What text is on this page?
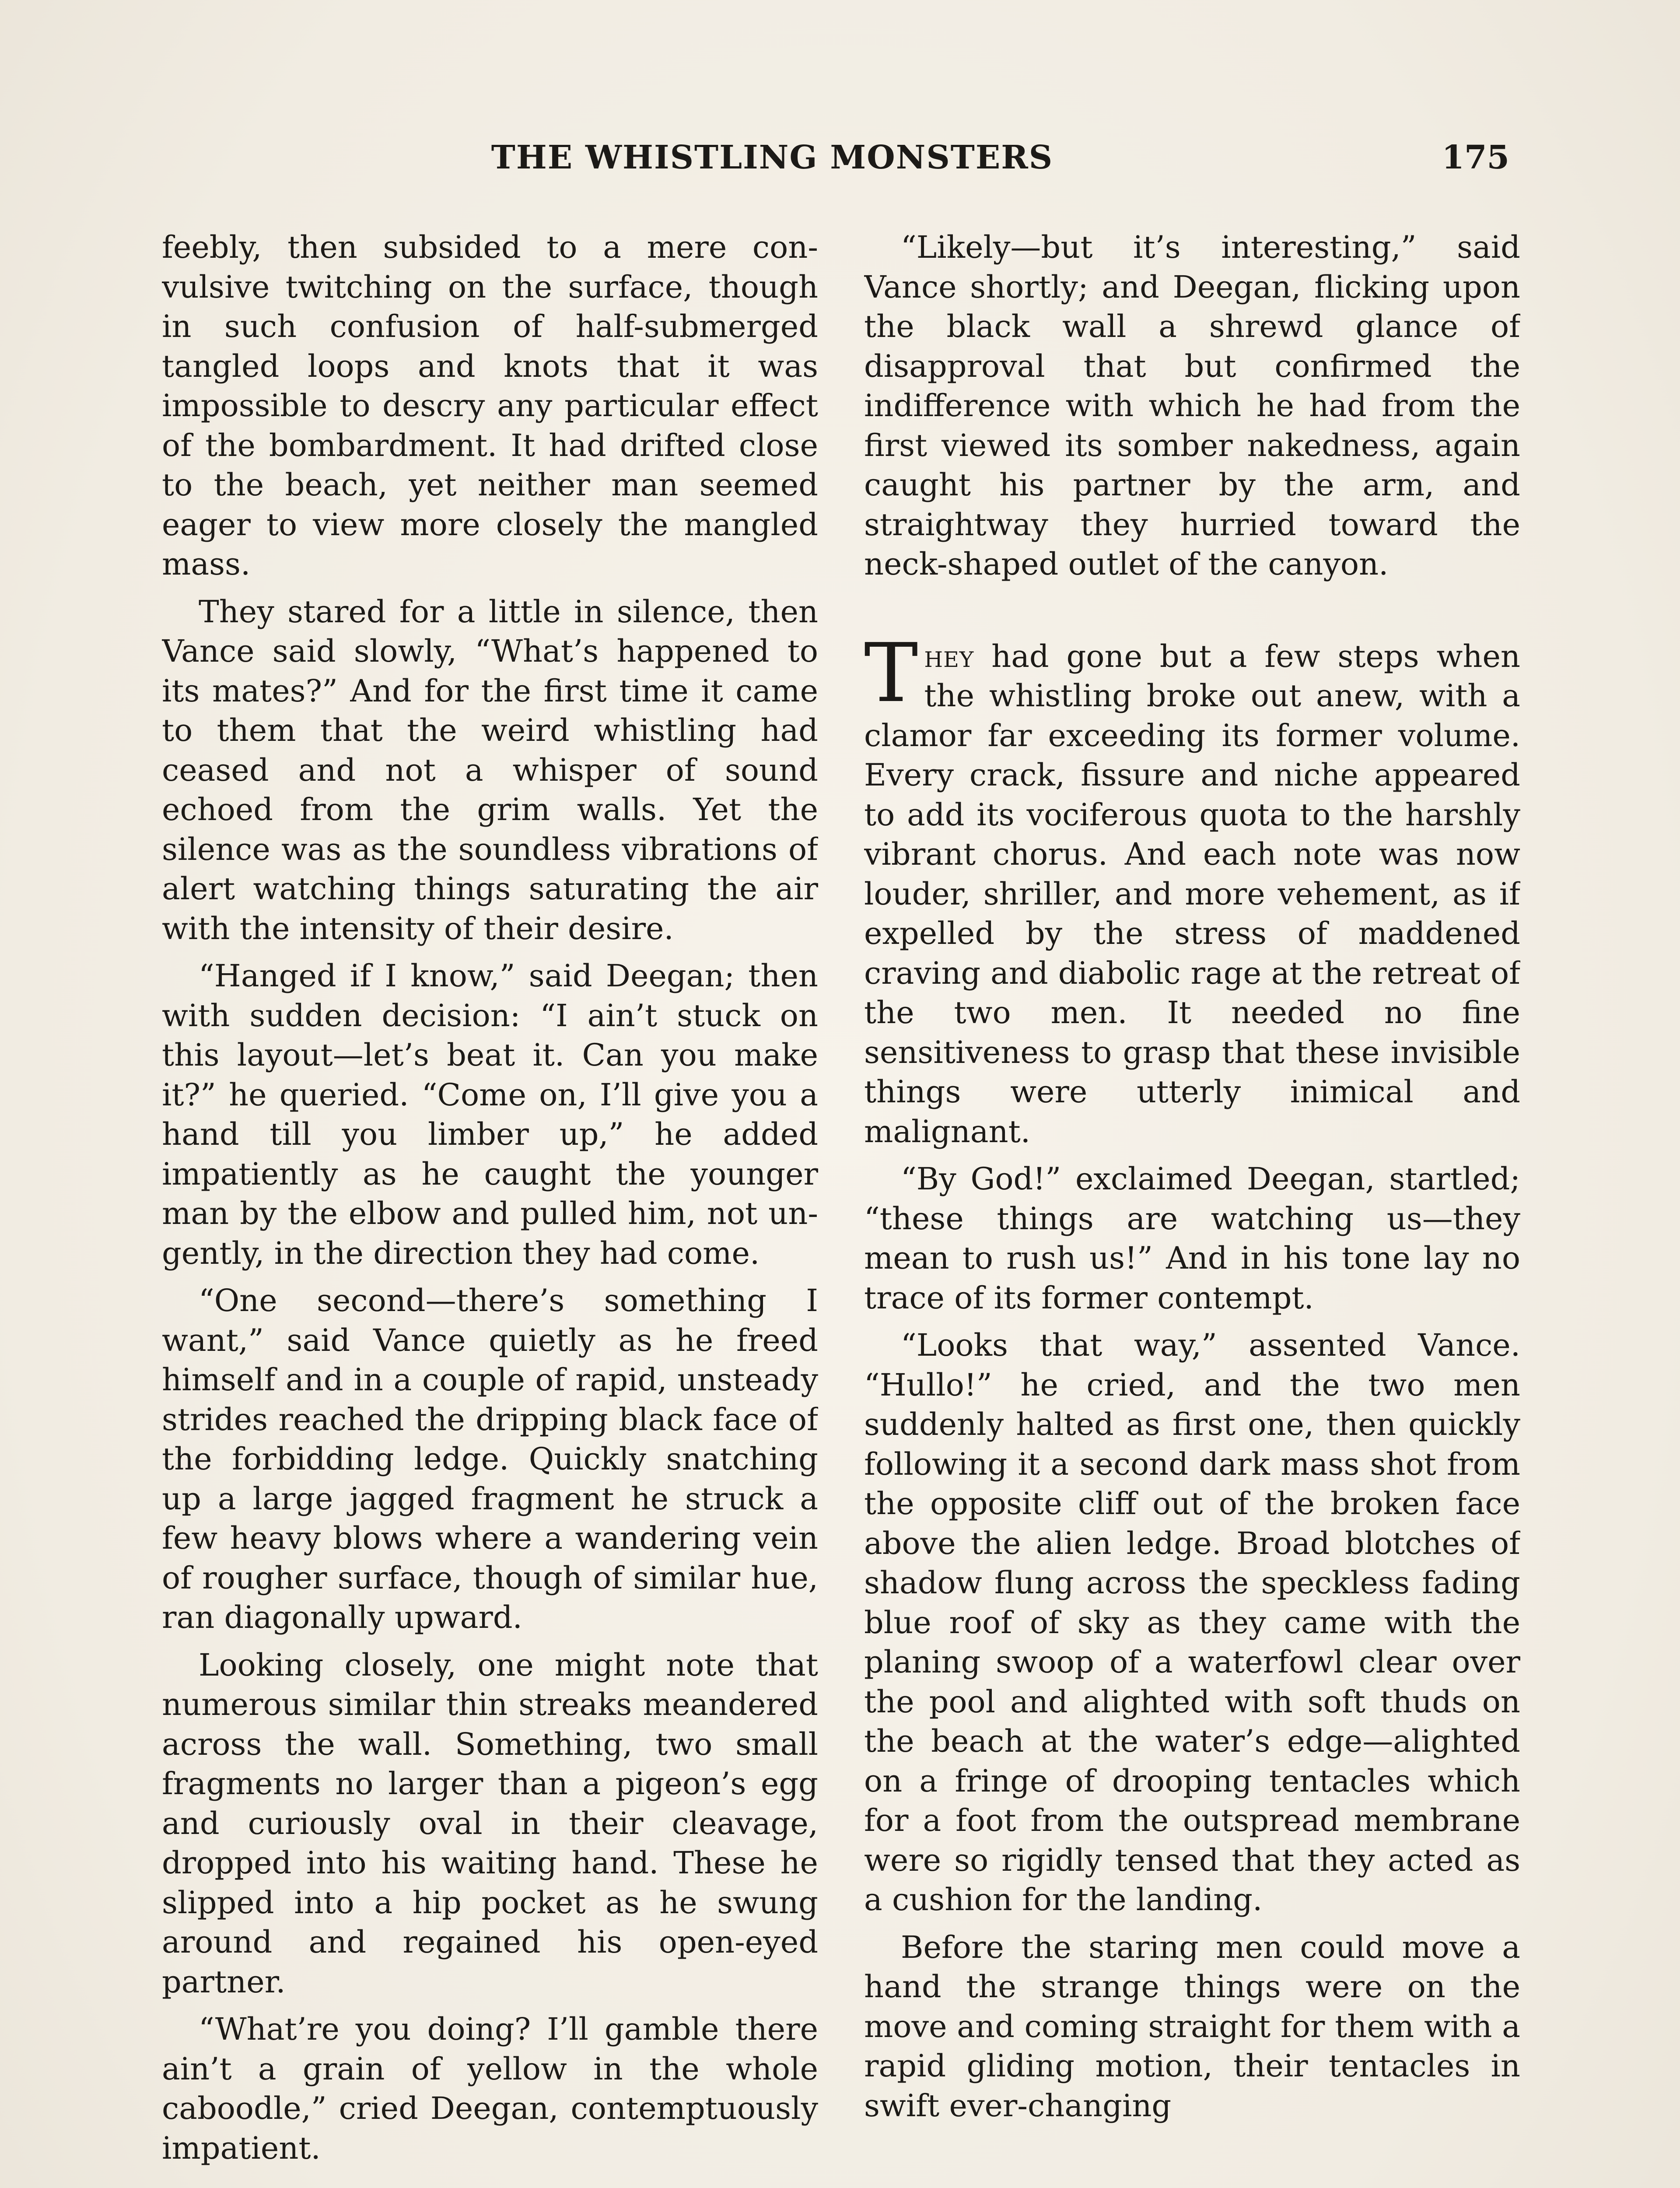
THE WHISTLING MONSTERS	175

feebly, then subsided to a mere convulsive twitching on the surface, though in such confusion of half-submerged tangled loops and knots that it was impossible to descry any particular effect of the bombardment. It had drifted close to the beach, yet neither man seemed eager to view more closely the mangled mass.

They stared for a little in silence, then Vance said slowly, “What’s happened to its mates?” And for the first time it came to them that the weird whistling had ceased and not a whisper of sound echoed from the grim walls. Yet the silence was as the soundless vibrations of alert watching things saturating the air with the intensity of their desire.

“Hanged if I know,” said Deegan; then with sudden decision: “I ain’t stuck on this layout—let’s beat it. Can you make it?” he queried. “Come on, I’ll give you a hand till you limber up,” he added impatiently as he caught the younger man by the elbow and pulled him, not ungently, in the direction they had come.

“One second—there’s something I want,” said Vance quietly as he freed himself and in a couple of rapid, unsteady strides reached the dripping black face of the forbidding ledge. Quickly snatching up a large jagged fragment he struck a few heavy blows where a wandering vein of rougher surface, though of similar hue, ran diagonally upward.

Looking closely, one might note that numerous similar thin streaks meandered across the wall. Something, two small fragments no larger than a pigeon’s egg and curiously oval in their cleavage, dropped into his waiting hand. These he slipped into a hip pocket as he swung around and regained his open-eyed partner.

“What’re you doing? I’ll gamble there ain’t a grain of yellow in the whole caboodle,” cried Deegan, contemptuously impatient.

“Likely—but it’s interesting,” said Vance shortly; and Deegan, flicking upon the black wall a shrewd glance of disapproval that but confirmed the indifference with which he had from the first viewed its somber nakedness, again caught his partner by the arm, and straightway they hurried toward the neck-shaped outlet of the canyon.

They had gone but a few steps when the whistling broke out anew, with a clamor far exceeding its former volume. Every crack, fissure and niche appeared to add its vociferous quota to the harshly vibrant chorus. And each note was now louder, shriller, and more vehement, as if expelled by the stress of maddened craving and diabolic rage at the retreat of the two men. It needed no fine sensitiveness to grasp that these invisible things were utterly inimical and malignant.

“By God!” exclaimed Deegan, startled; “these things are watching us—they mean to rush us!” And in his tone lay no trace of its former contempt.

“Looks that way,” assented Vance. “Hullo!” he cried, and the two men suddenly halted as first one, then quickly following it a second dark mass shot from the opposite cliff out of the broken face above the alien ledge. Broad blotches of shadow flung across the speckless fading blue roof of sky as they came with the planing swoop of a waterfowl clear over the pool and alighted with soft thuds on the beach at the water’s edge—alighted on a fringe of drooping tentacles which for a foot from the outspread membrane were so rigidly tensed that they acted as a cushion for the landing.

Before the staring men could move a hand the strange things were on the move and coming straight for them with a rapid gliding motion, their tentacles in swift ever-changing
